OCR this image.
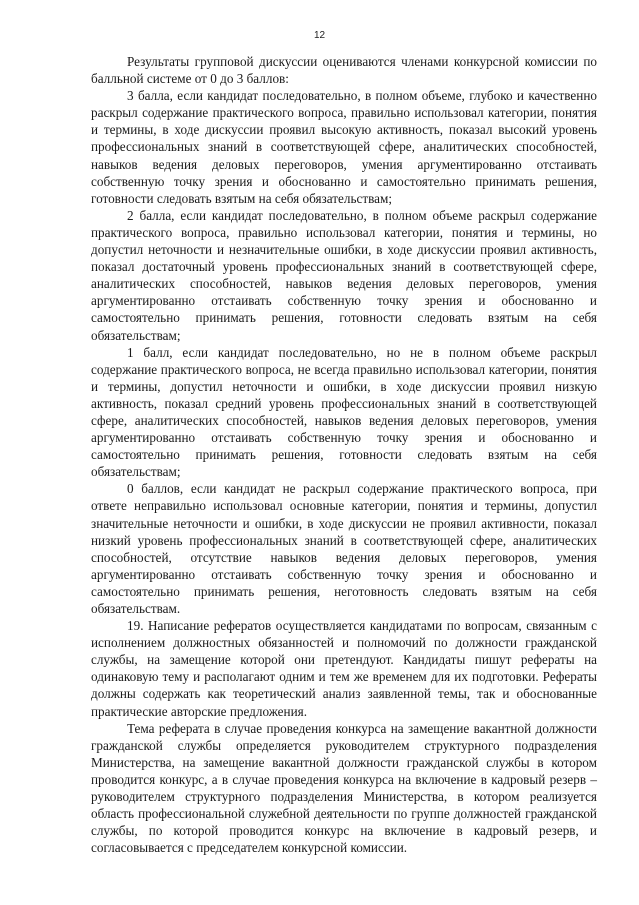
12

Результаты групповой дискуссии оцениваются членами конкурсной комиссии по балльной системе от 0 до 3 баллов:

3 балла, если кандидат последовательно, в полном объеме, глубоко и качественно раскрыл содержание практического вопроса, правильно использовал категории, понятия и термины, в ходе дискуссии проявил высокую активность, показал высокий уровень профессиональных знаний в соответствующей сфере, аналитических способностей, навыков ведения деловых переговоров, умения аргументированно отстаивать собственную точку зрения и обоснованно и самостоятельно принимать решения, готовности следовать взятым на себя обязательствам;

2 балла, если кандидат последовательно, в полном объеме раскрыл содержание практического вопроса, правильно использовал категории, понятия и термины, но допустил неточности и незначительные ошибки, в ходе дискуссии проявил активность, показал достаточный уровень профессиональных знаний в соответствующей сфере, аналитических способностей, навыков ведения деловых переговоров, умения аргументированно отстаивать собственную точку зрения и обоснованно и самостоятельно принимать решения, готовности следовать взятым на себя обязательствам;

1 балл, если кандидат последовательно, но не в полном объеме раскрыл содержание практического вопроса, не всегда правильно использовал категории, понятия и термины, допустил неточности и ошибки, в ходе дискуссии проявил низкую активность, показал средний уровень профессиональных знаний в соответствующей сфере, аналитических способностей, навыков ведения деловых переговоров, умения аргументированно отстаивать собственную точку зрения и обоснованно и самостоятельно принимать решения, готовности следовать взятым на себя обязательствам;

0 баллов, если кандидат не раскрыл содержание практического вопроса, при ответе неправильно использовал основные категории, понятия и термины, допустил значительные неточности и ошибки, в ходе дискуссии не проявил активности, показал низкий уровень профессиональных знаний в соответствующей сфере, аналитических способностей, отсутствие навыков ведения деловых переговоров, умения аргументированно отстаивать собственную точку зрения и обоснованно и самостоятельно принимать решения, неготовность следовать взятым на себя обязательствам.

19. Написание рефератов осуществляется кандидатами по вопросам, связанным с исполнением должностных обязанностей и полномочий по должности гражданской службы, на замещение которой они претендуют. Кандидаты пишут рефераты на одинаковую тему и располагают одним и тем же временем для их подготовки. Рефераты должны содержать как теоретический анализ заявленной темы, так и обоснованные практические авторские предложения.

Тема реферата в случае проведения конкурса на замещение вакантной должности гражданской службы определяется руководителем структурного подразделения Министерства, на замещение вакантной должности гражданской службы в котором проводится конкурс, а в случае проведения конкурса на включение в кадровый резерв – руководителем структурного подразделения Министерства, в котором реализуется область профессиональной служебной деятельности по группе должностей гражданской службы, по которой проводится конкурс на включение в кадровый резерв, и согласовывается с председателем конкурсной комиссии.
